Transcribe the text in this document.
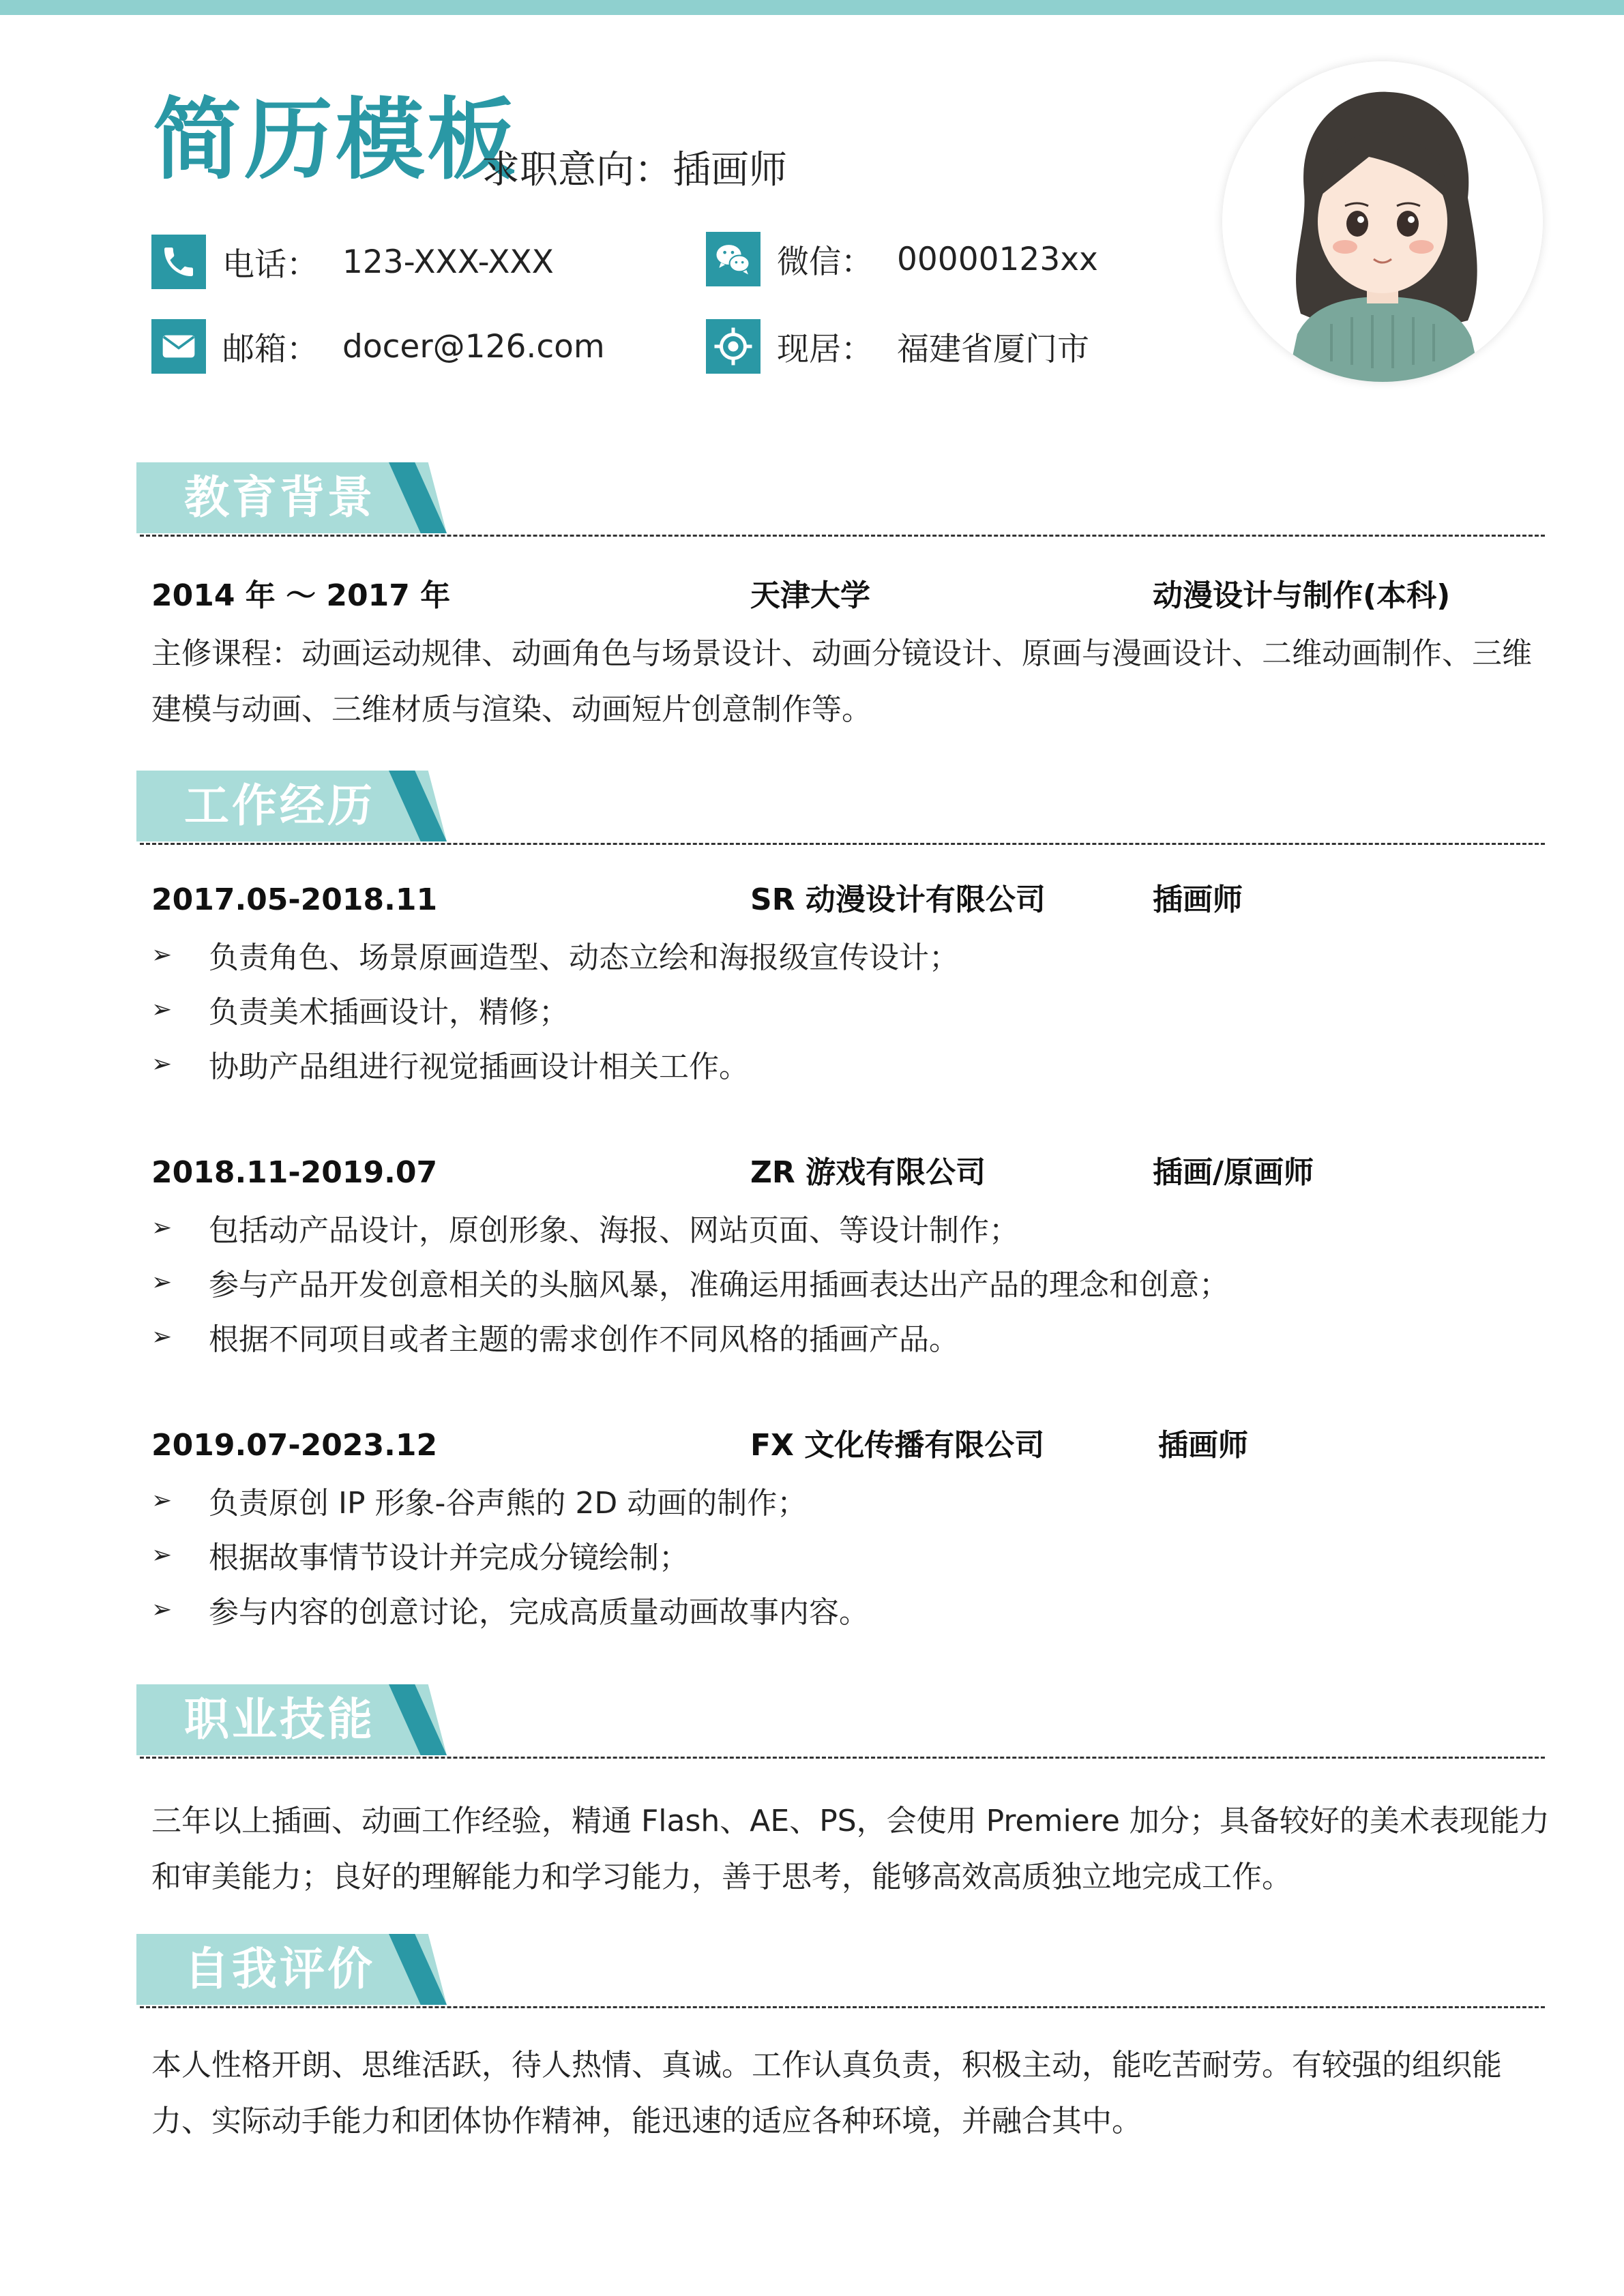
简历模板
求职意向：插画师
电话： 123-XXX-XXX	微信： 00000123xx
邮箱： docer@126.com	现居： 福建省厦门市
教育背景
2014 年 ～ 2017 年	天津大学	动漫设计与制作(本科)
主修课程：动画运动规律、动画角色与场景设计、动画分镜设计、原画与漫画设计、二维动画制作、三维建模与动画、三维材质与渲染、动画短片创意制作等。
工作经历
2017.05-2018.11	SR 动漫设计有限公司	插画师
➢	负责角色、场景原画造型、动态立绘和海报级宣传设计；
➢	负责美术插画设计，精修；
➢	协助产品组进行视觉插画设计相关工作。
2018.11-2019.07	ZR 游戏有限公司	插画/原画师
➢	包括动产品设计，原创形象、海报、网站页面、等设计制作；
➢	参与产品开发创意相关的头脑风暴，准确运用插画表达出产品的理念和创意；
➢	根据不同项目或者主题的需求创作不同风格的插画产品。
2019.07-2023.12	FX 文化传播有限公司	插画师
➢	负责原创 IP 形象-谷声熊的 2D 动画的制作；
➢	根据故事情节设计并完成分镜绘制；
➢	参与内容的创意讨论，完成高质量动画故事内容。
职业技能
三年以上插画、动画工作经验，精通 Flash、AE、PS，会使用 Premiere 加分；具备较好的美术表现能力和审美能力；良好的理解能力和学习能力，善于思考，能够高效高质独立地完成工作。
自我评价
本人性格开朗、思维活跃，待人热情、真诚。工作认真负责，积极主动，能吃苦耐劳。有较强的组织能力、实际动手能力和团体协作精神，能迅速的适应各种环境，并融合其中。
